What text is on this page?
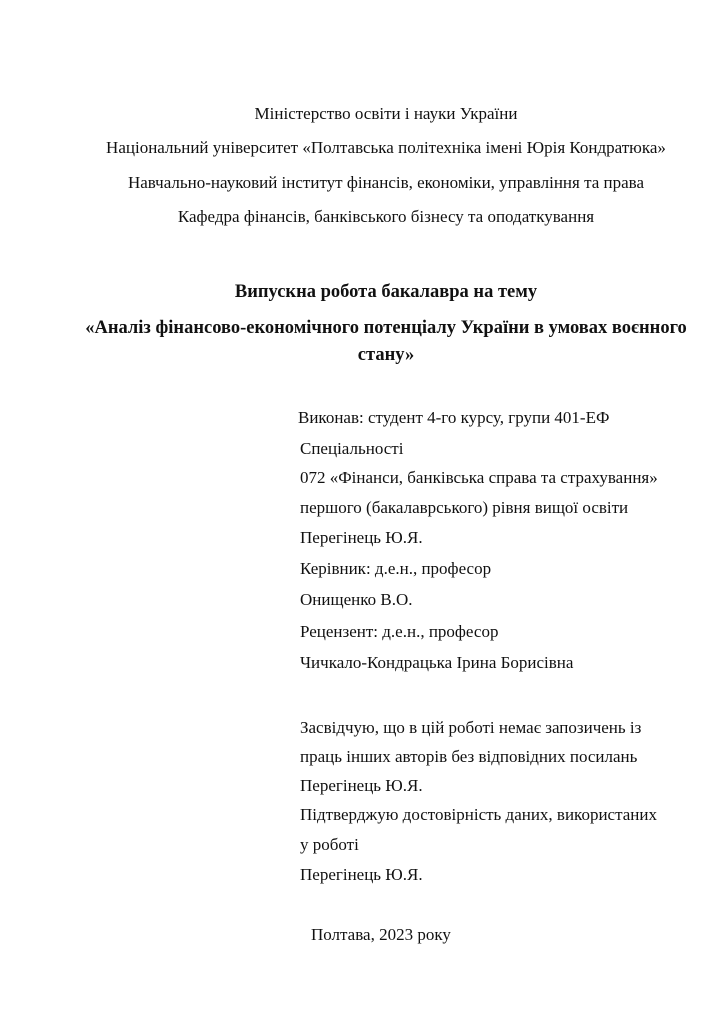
Міністерство освіти і науки України
Національний університет «Полтавська політехніка імені Юрія Кондратюка»
Навчально-науковий інститут фінансів, економіки, управління та права
Кафедра фінансів, банківського бізнесу та оподаткування
Випускна робота бакалавра на тему
«Аналіз фінансово-економічного потенціалу України в умовах воєнного
стану»
Виконав: студент 4-го курсу, групи 401-ЕФ
Спеціальності
072 «Фінанси, банківська справа та страхування»
першого (бакалаврського) рівня вищої освіти
Перегінець Ю.Я.
Керівник: д.е.н., професор
Онищенко В.О.
Рецензент: д.е.н., професор
Чичкало-Кондрацька Ірина Борисівна
Засвідчую, що в цій роботі немає запозичень із
праць інших авторів без відповідних посилань
Перегінець Ю.Я.
Підтверджую достовірність даних, використаних
у роботі
Перегінець Ю.Я.
Полтава, 2023 року
